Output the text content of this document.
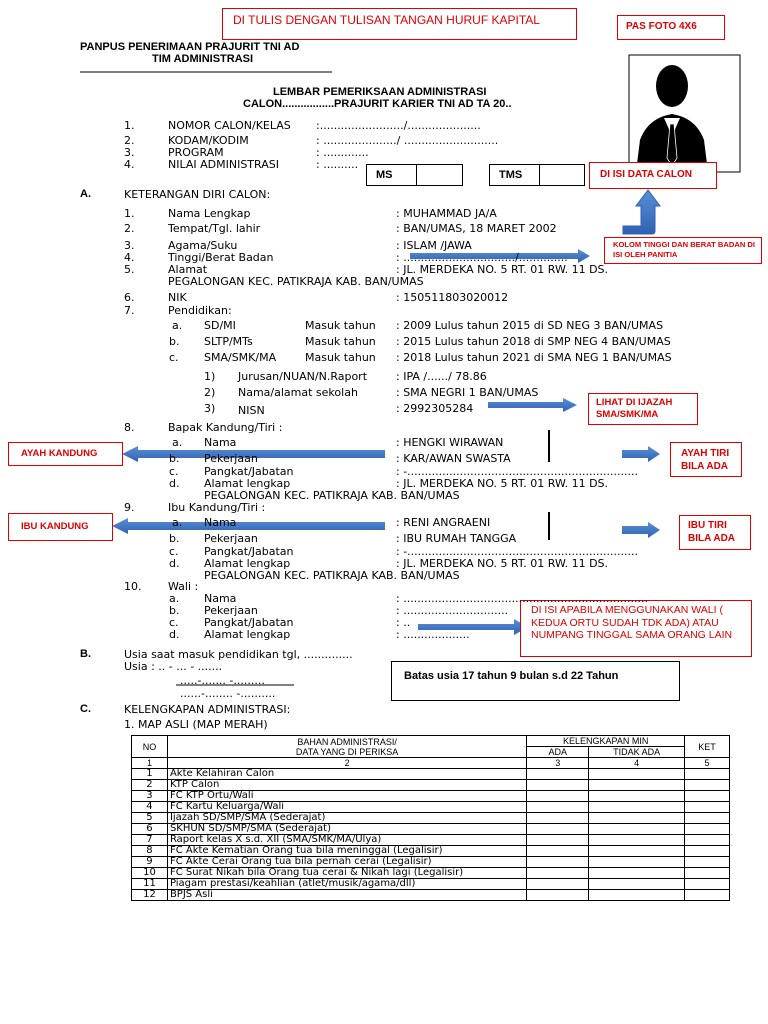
DI TULIS DENGAN TULISAN TANGAN HURUF KAPITAL	PAS FOTO 4X6
DI ISI DATA CALON
KOLOM TINGGI DAN BERAT BADAN DI ISI OLEH PANITIA
LIHAT DI IJAZAH SMA/SMK/MA
AYAH KANDUNG	AYAH TIRI BILA ADA
IBU KANDUNG	IBU TIRI BILA ADA
DI ISI APABILA MENGGUNAKAN WALI ( KEDUA ORTU SUDAH TDK ADA) ATAU NUMPANG TINGGAL SAMA ORANG LAIN
Batas usia 17 tahun 9 bulan s.d 22 Tahun
PANPUS PENERIMAAN PRAJURIT TNI AD
TIM ADMINISTRASI
LEMBAR PEMERIKSAAN ADMINISTRASI
CALON.................PRAJURIT KARIER TNI AD TA 20..
1.	NOMOR CALON/KELAS :......................../.....................
2.	KODAM/KODIM	: ...................../ ...........................
3.	PROGRAM	: .............
4.	NILAI ADMINISTRASI	: ..........
MS	TMS
A.	KETERANGAN DIRI CALON:
1.	Nama Lengkap	: MUHAMMAD JA/A
2.	Tempat/Tgl. lahir	: BAN/UMAS, 18 MARET 2002
3.	Agama/Suku	: ISLAM /JAWA
4.	Tinggi/Berat Badan	: ................................/..............
5.	Alamat	: JL. MERDEKA NO. 5 RT. 01 RW. 11 DS.
PEGALONGAN KEC. PATIKRAJA KAB. BAN/UMAS
6.	NIK	: 150511803020012
7.	Pendidikan:
a. SD/MI	Masuk tahun : 2009 Lulus tahun 2015 di SD NEG 3 BAN/UMAS
b. SLTP/MTs	Masuk tahun : 2015 Lulus tahun 2018 di SMP NEG 4 BAN/UMAS
c. SMA/SMK/MA	Masuk tahun : 2018 Lulus tahun 2021 di SMA NEG 1 BAN/UMAS
1) Jurusan/NUAN/N.Raport	: IPA /....../ 78.86
2) Nama/alamat sekolah	: SMA NEGRI 1 BAN/UMAS
3) NISN	: 2992305284
8.	Bapak Kandung/Tiri :
a. Nama	: HENGKI WIRAWAN
b. Pekerjaan	: KAR/AWAN SWASTA
c. Pangkat/Jabatan	: -..................................................................
d. Alamat lengkap	: JL. MERDEKA NO. 5 RT. 01 RW. 11 DS.
PEGALONGAN KEC. PATIKRAJA KAB. BAN/UMAS
9.	Ibu Kandung/Tiri :
a. Nama	: RENI ANGRAENI
b. Pekerjaan	: IBU RUMAH TANGGA
c. Pangkat/Jabatan	: -..................................................................
d. Alamat lengkap	: JL. MERDEKA NO. 5 RT. 01 RW. 11 DS.
PEGALONGAN KEC. PATIKRAJA KAB. BAN/UMAS
10. Wali :
a. Nama	: ......................................................................
b. Pekerjaan	: ..............................
c. Pangkat/Jabatan	: ..
d. Alamat lengkap	: ...................
B.	Usia saat masuk pendidikan tgl, ..............
Usia : .. - ... - .......
.....-....... -.........
......-........ -..........
C.	KELENGKAPAN ADMINISTRASI:
1. MAP ASLI (MAP MERAH)
NO	BAHAN ADMINISTRASI/
DATA YANG DI PERIKSA	KELENGKAPAN MIN		KET
		ADA	TIDAK ADA	
1	2	3	4	5
1	Akte Kelahiran Calon			
2	KTP Calon			
3	FC KTP Ortu/Wali			
4	FC Kartu Keluarga/Wali			
5	Ijazah SD/SMP/SMA (Sederajat)			
6	SKHUN SD/SMP/SMA (Sederajat)			
7	Raport kelas X s.d. XII (SMA/SMK/MA/Ulya)			
8	FC Akte Kematian Orang tua bila meninggal (Legalisir)			
9	FC Akte Cerai Orang tua bila pernah cerai (Legalisir)			
10	FC Surat Nikah bila Orang tua cerai & Nikah lagi (Legalisir)			
11	Piagam prestasi/keahlian (atlet/musik/agama/dll)			
12	BPJS Asli			
